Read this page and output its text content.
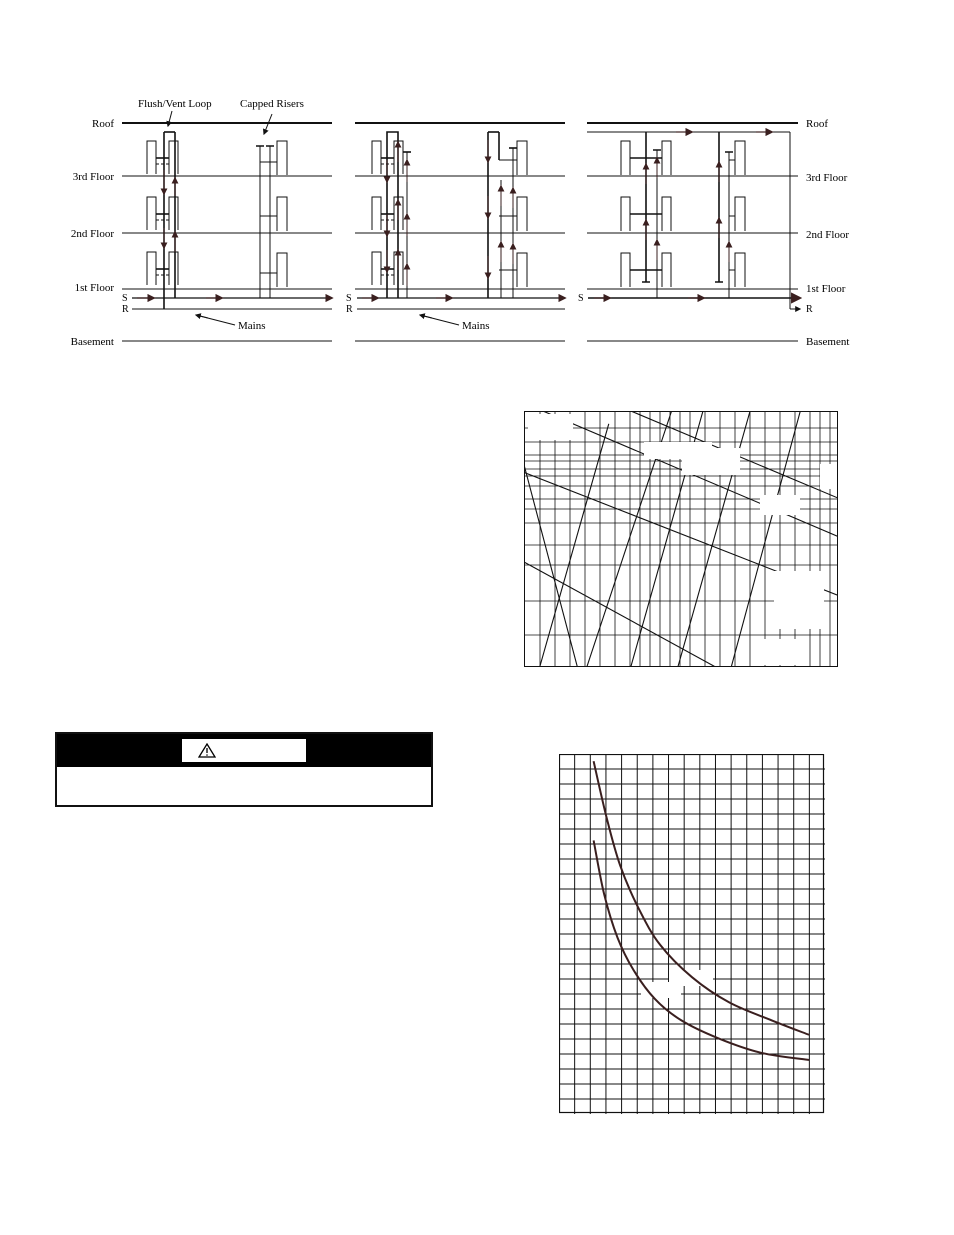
Flush/Vent Loop	Capped Risers
Roof
3rd Floor
2nd Floor
1st Floor
Basement
S
R
Mains
S
R
Mains
S
R
Roof
3rd Floor
2nd Floor
1st Floor
Basement
